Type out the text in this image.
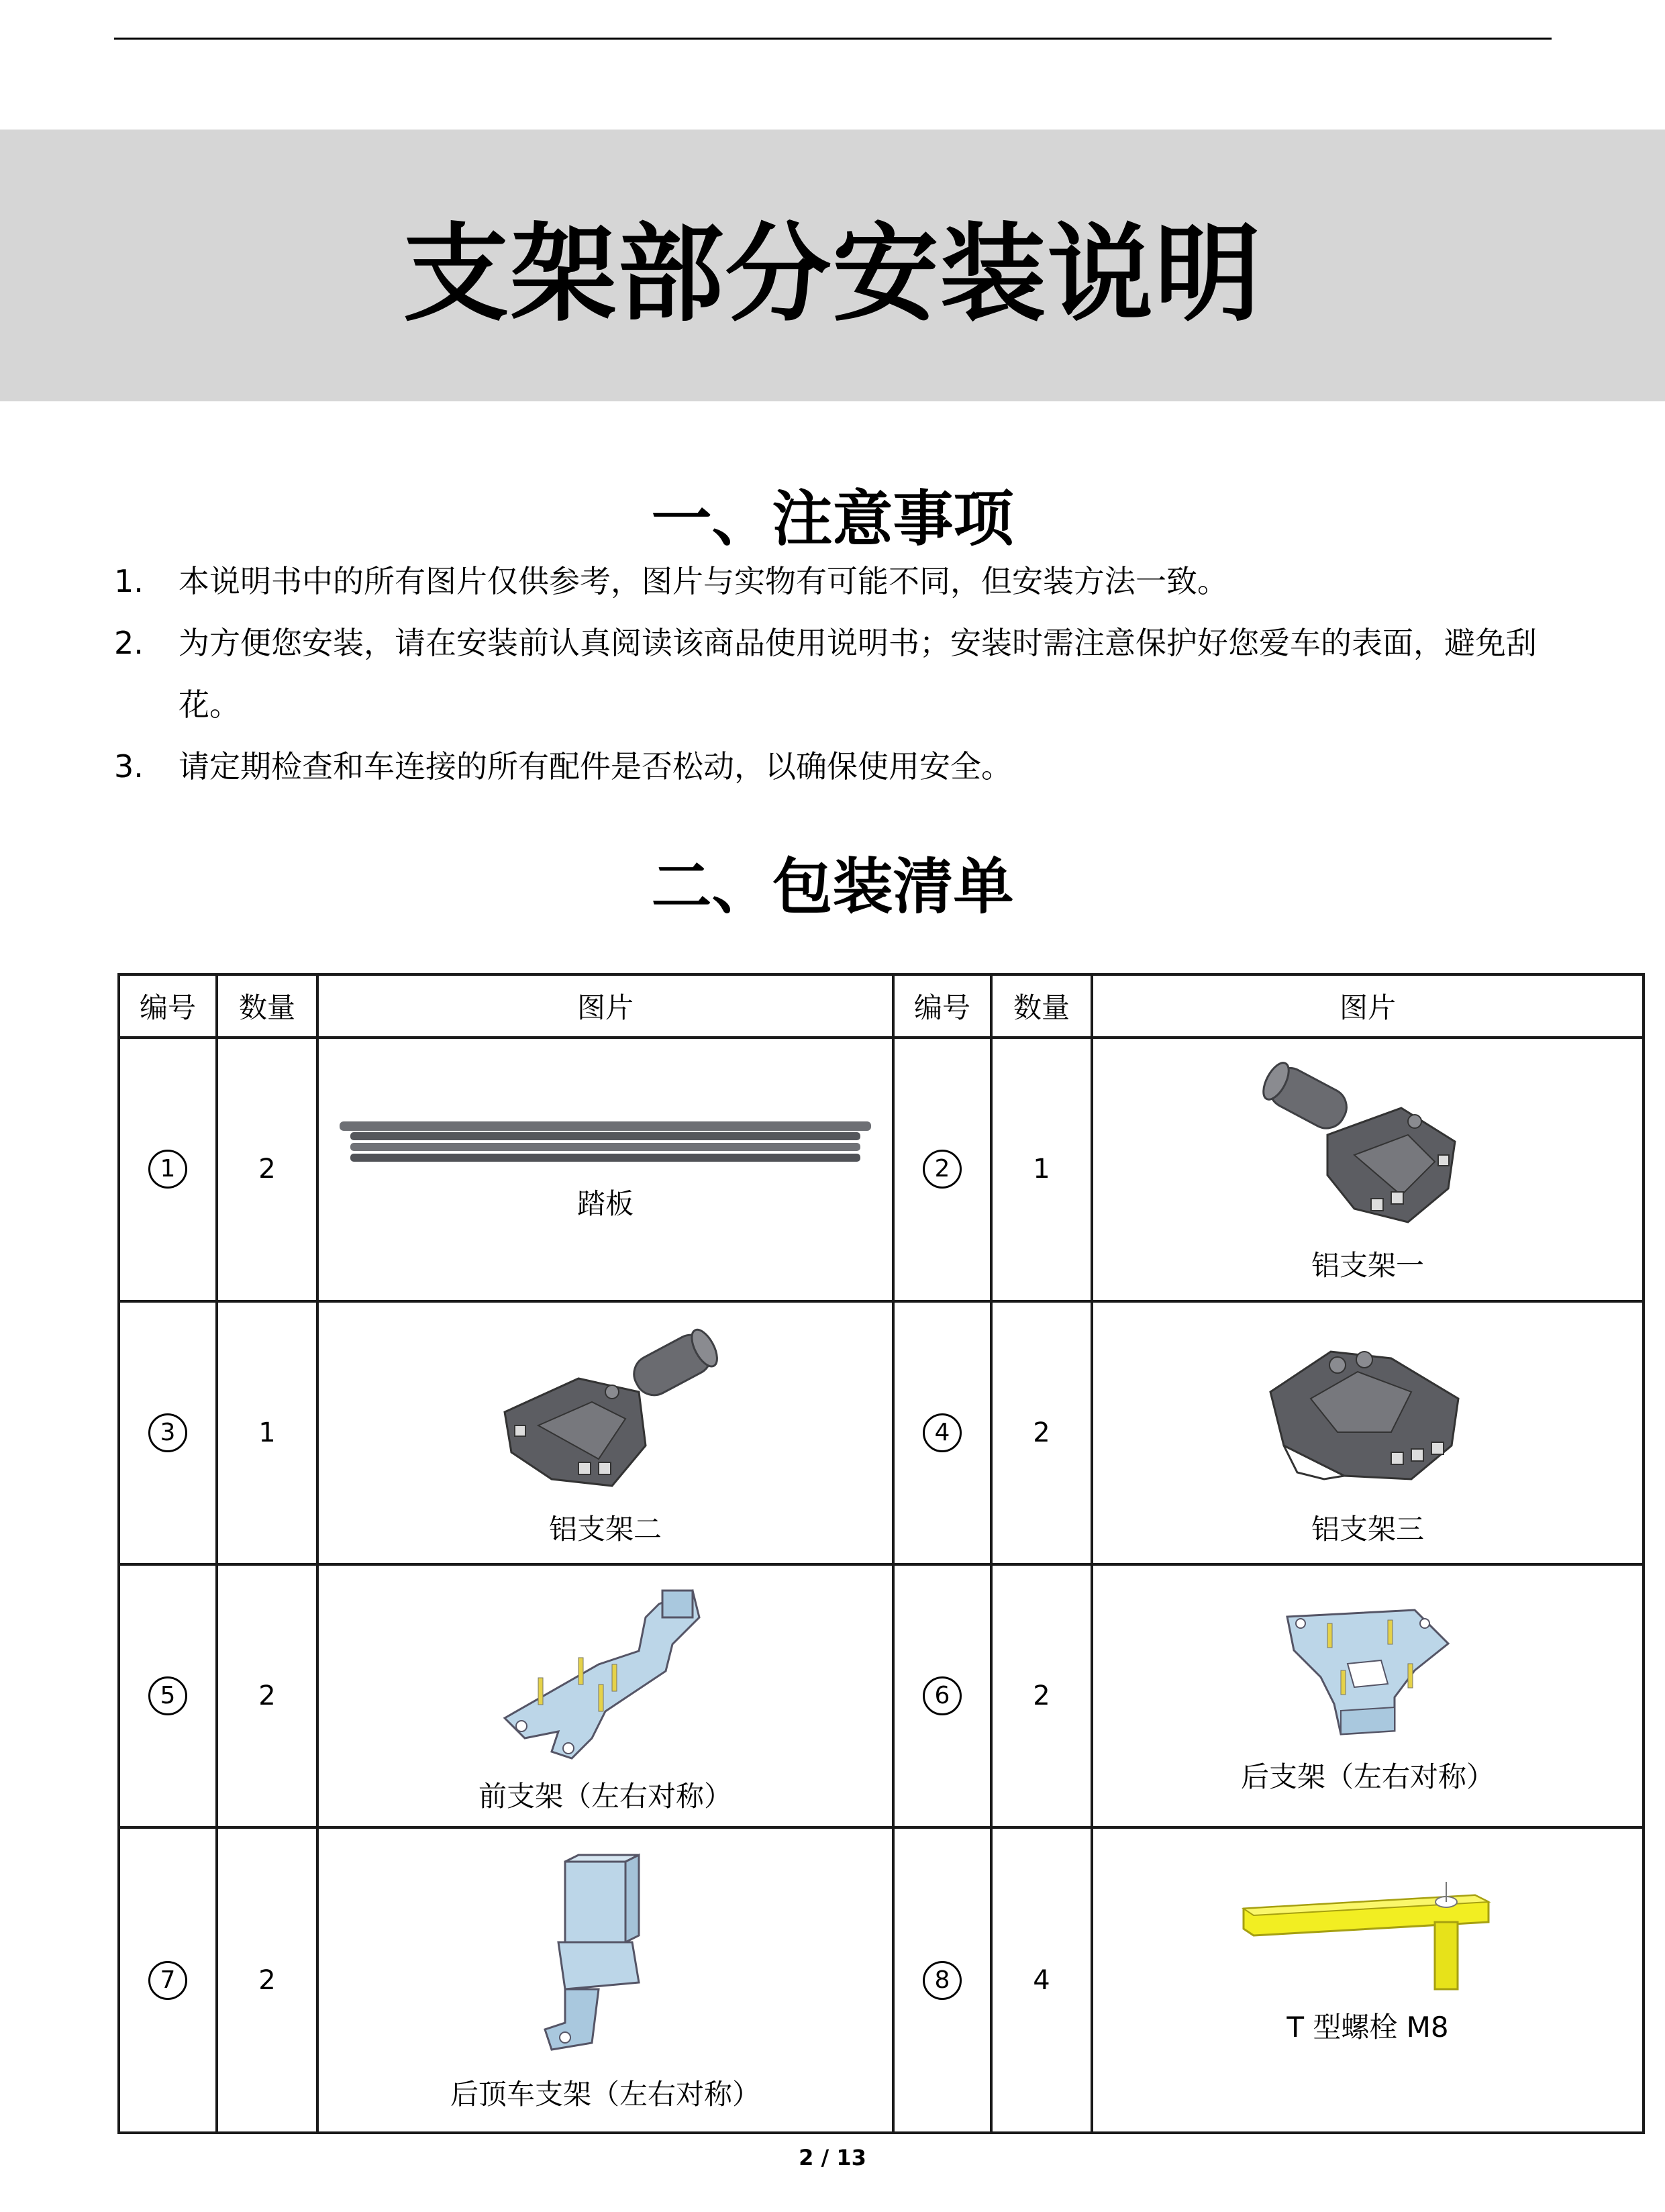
支架部分安装说明
一、注意事项
1.	本说明书中的所有图片仅供参考，图片与实物有可能不同，但安装方法一致。
2.	为方便您安装，请在安装前认真阅读该商品使用说明书；安装时需注意保护好您爱车的表面，避免刮花。
3.	请定期检查和车连接的所有配件是否松动，以确保使用安全。
二、包装清单
编号	数量	图片	编号	数量	图片
1	2	踏板	2	1	铝支架一

3	1	铝支架二	4	2	铝支架三

5	2	前支架（左右对称）	6	2	后支架（左右对称）

7	2	后顶车支架（左右对称）	8	4	T 型螺栓 M8
2 / 13
